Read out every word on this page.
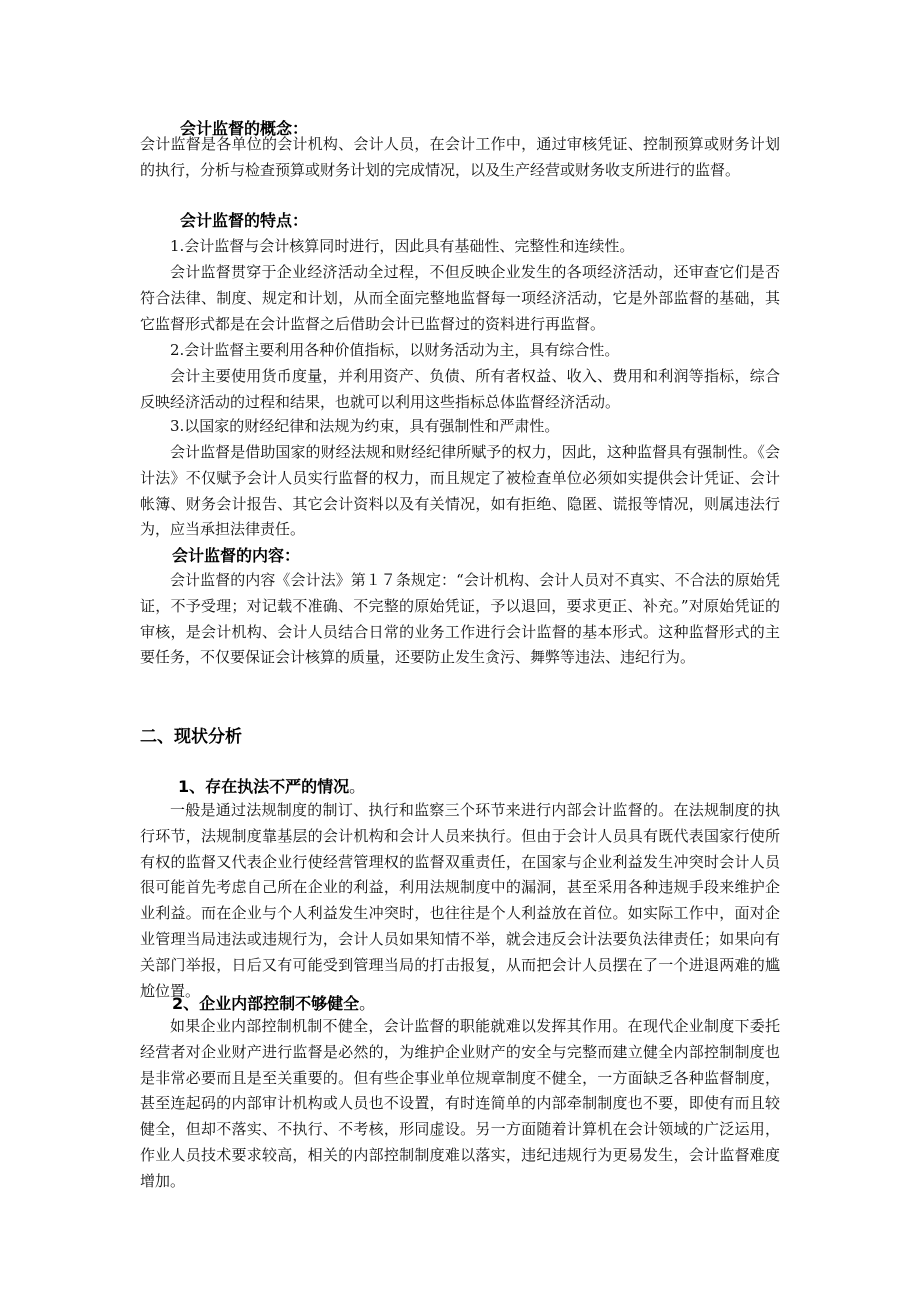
会计监督的概念：
会计监督是各单位的会计机构、会计人员，在会计工作中，通过审核凭证、控制预算或财务计划的执行，分析与检查预算或财务计划的完成情况，以及生产经营或财务收支所进行的监督。
会计监督的特点：
1.会计监督与会计核算同时进行，因此具有基础性、完整性和连续性。
会计监督贯穿于企业经济活动全过程，不但反映企业发生的各项经济活动，还审查它们是否符合法律、制度、规定和计划，从而全面完整地监督每一项经济活动，它是外部监督的基础，其它监督形式都是在会计监督之后借助会计已监督过的资料进行再监督。
2.会计监督主要利用各种价值指标，以财务活动为主，具有综合性。
会计主要使用货币度量，并利用资产、负债、所有者权益、收入、费用和利润等指标，综合反映经济活动的过程和结果，也就可以利用这些指标总体监督经济活动。
3.以国家的财经纪律和法规为约束，具有强制性和严肃性。
会计监督是借助国家的财经法规和财经纪律所赋予的权力，因此，这种监督具有强制性。《会计法》不仅赋予会计人员实行监督的权力，而且规定了被检查单位必须如实提供会计凭证、会计帐簿、财务会计报告、其它会计资料以及有关情况，如有拒绝、隐匿、谎报等情况，则属违法行为，应当承担法律责任。
会计监督的内容：
会计监督的内容《会计法》第１７条规定：“会计机构、会计人员对不真实、不合法的原始凭证，不予受理；对记载不准确、不完整的原始凭证，予以退回，要求更正、补充。”对原始凭证的审核，是会计机构、会计人员结合日常的业务工作进行会计监督的基本形式。这种监督形式的主要任务，不仅要保证会计核算的质量，还要防止发生贪污、舞弊等违法、违纪行为。
二、现状分析
1、存在执法不严的情况。
一般是通过法规制度的制订、执行和监察三个环节来进行内部会计监督的。在法规制度的执行环节，法规制度靠基层的会计机构和会计人员来执行。但由于会计人员具有既代表国家行使所有权的监督又代表企业行使经营管理权的监督双重责任，在国家与企业利益发生冲突时会计人员很可能首先考虑自己所在企业的利益，利用法规制度中的漏洞，甚至采用各种违规手段来维护企业利益。而在企业与个人利益发生冲突时，也往往是个人利益放在首位。如实际工作中，面对企业管理当局违法或违规行为，会计人员如果知情不举，就会违反会计法要负法律责任；如果向有关部门举报，日后又有可能受到管理当局的打击报复，从而把会计人员摆在了一个进退两难的尴尬位置。
2、企业内部控制不够健全。
如果企业内部控制机制不健全，会计监督的职能就难以发挥其作用。在现代企业制度下委托经营者对企业财产进行监督是必然的，为维护企业财产的安全与完整而建立健全内部控制制度也是非常必要而且是至关重要的。但有些企事业单位规章制度不健全，一方面缺乏各种监督制度，甚至连起码的内部审计机构或人员也不设置，有时连简单的内部牵制制度也不要，即使有而且较健全，但却不落实、不执行、不考核，形同虚设。另一方面随着计算机在会计领域的广泛运用，作业人员技术要求较高，相关的内部控制制度难以落实，违纪违规行为更易发生，会计监督难度增加。
